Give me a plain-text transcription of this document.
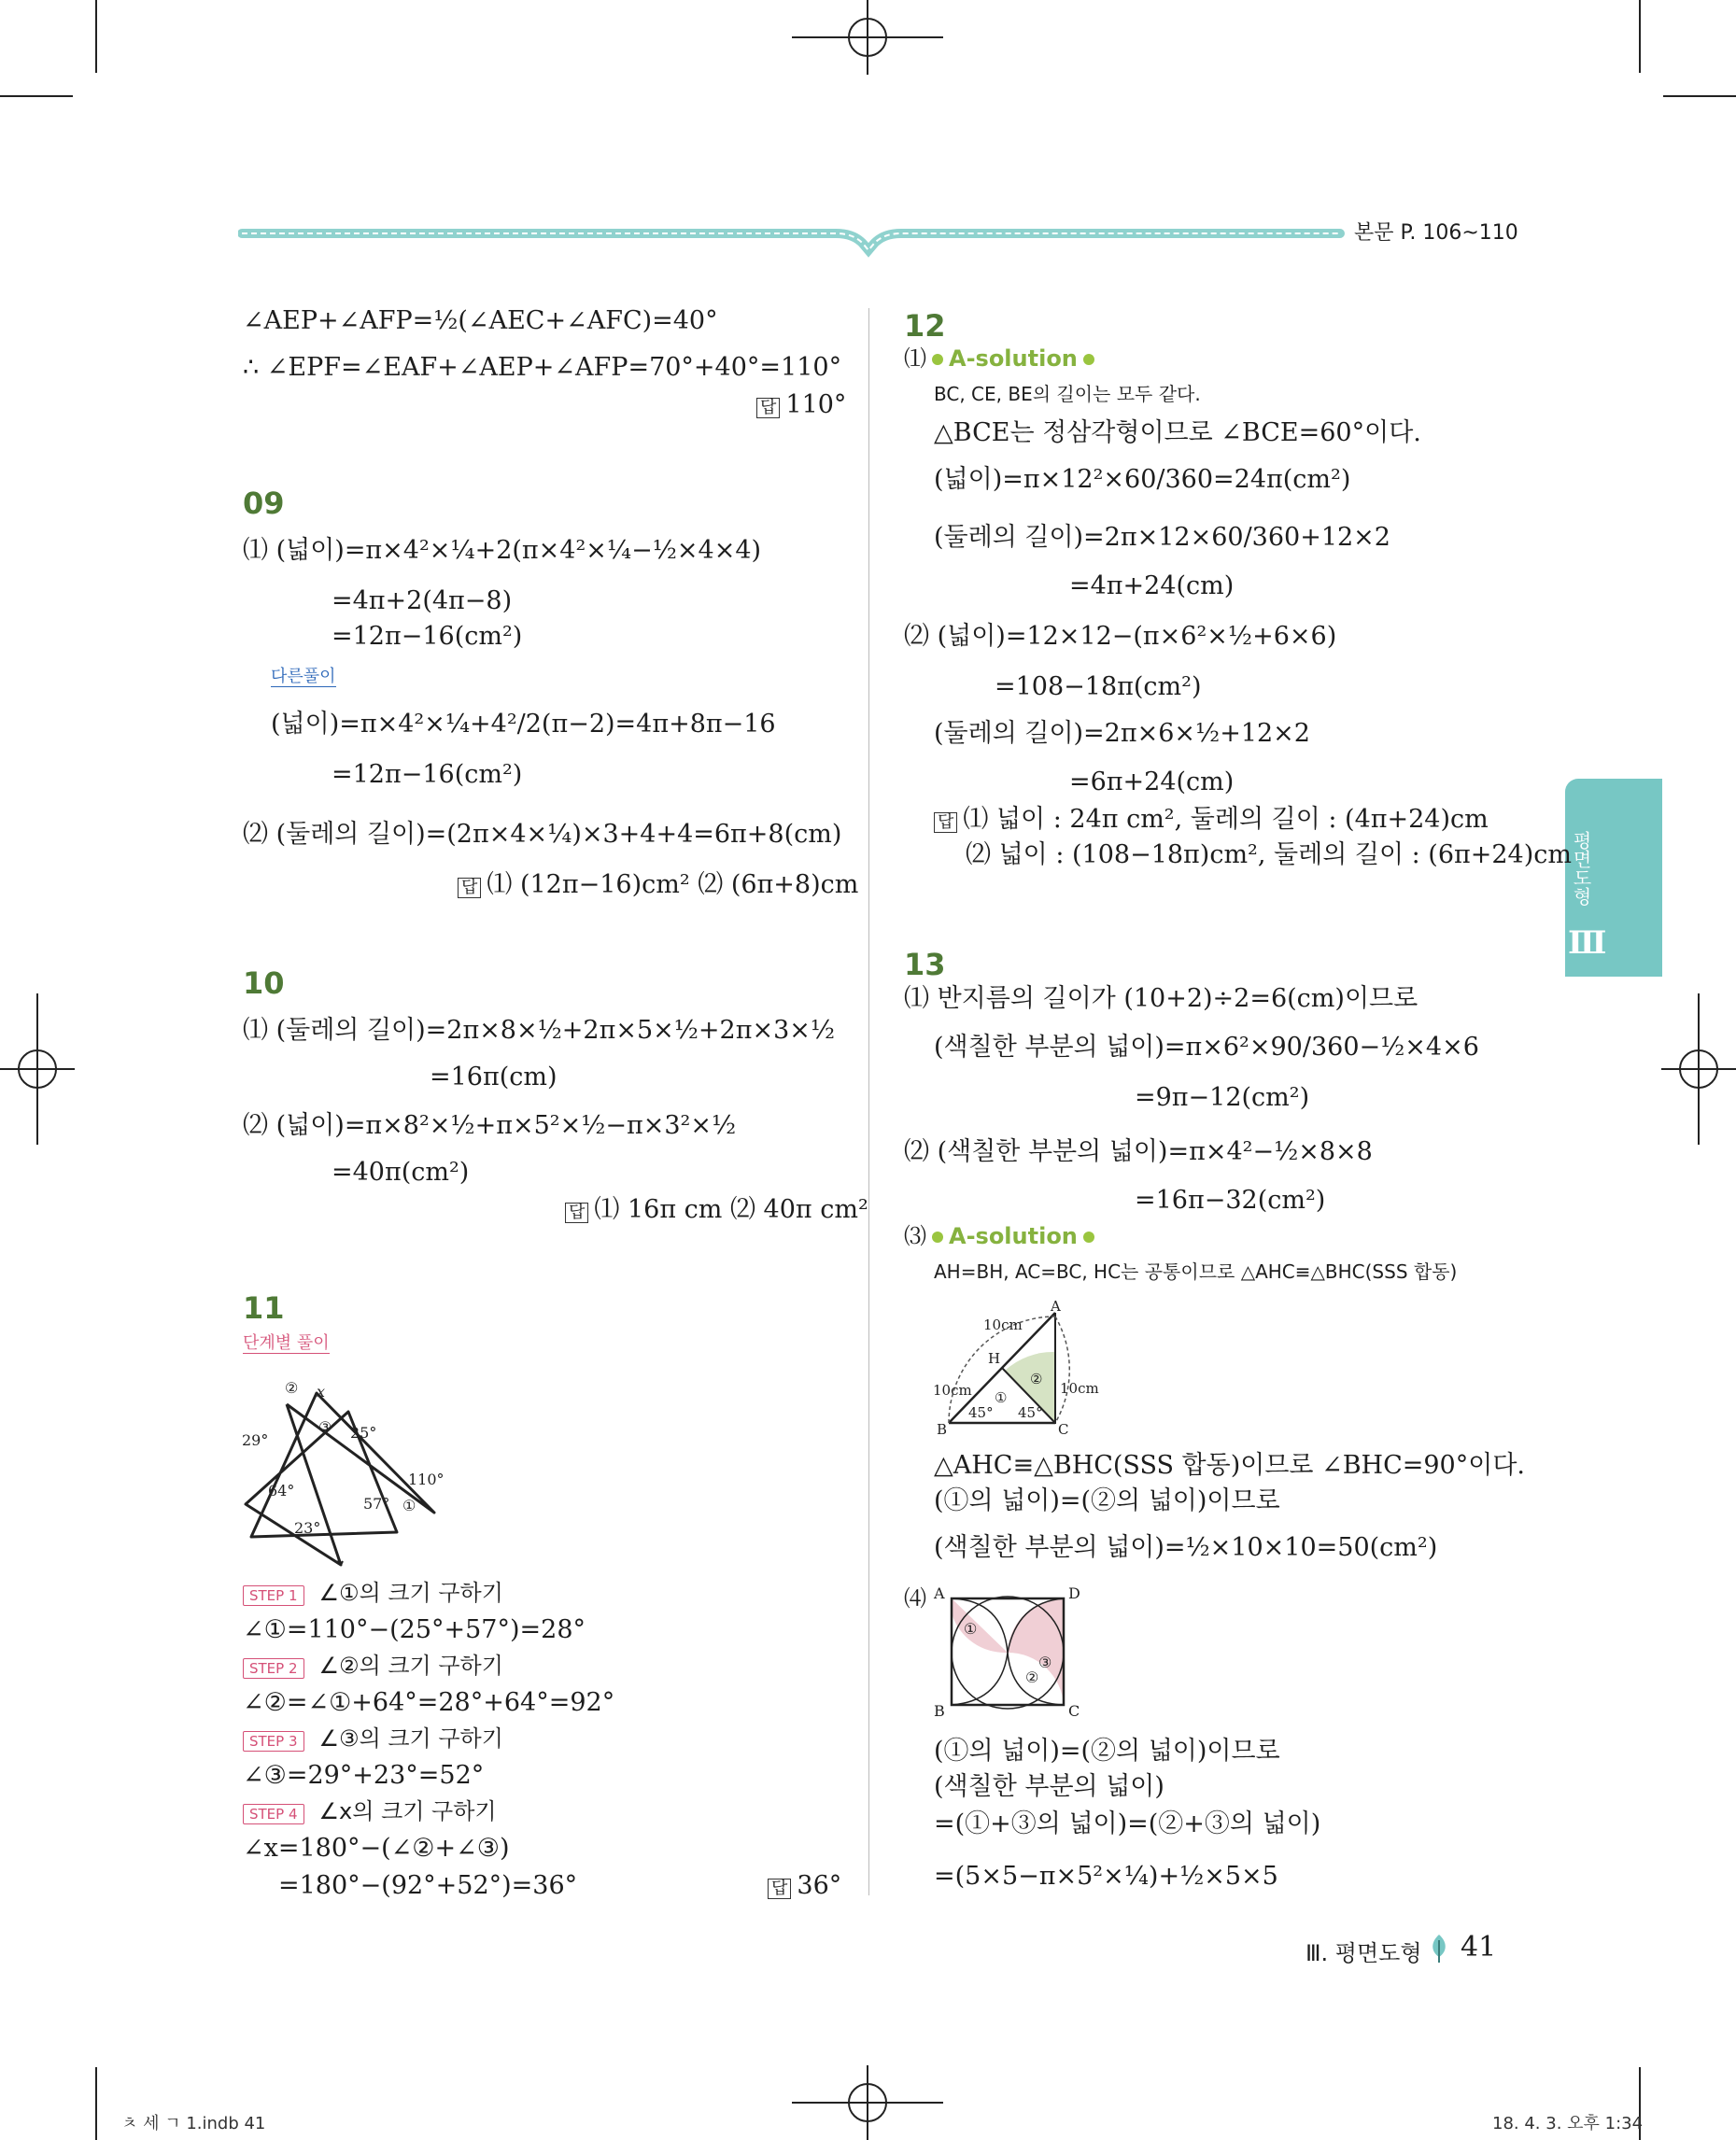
본문 P. 106~110
평면도형
Ⅲ
∠AEP+∠AFP=½(∠AEC+∠AFC)=40°
∴ ∠EPF=∠EAF+∠AEP+∠AFP=70°+40°=110°
답 110°
09
⑴ (넓이)=π×4²×¼+2(π×4²×¼−½×4×4)
=4π+2(4π−8)
=12π−16(cm²)
다른풀이
(넓이)=π×4²×¼+4²/2(π−2)=4π+8π−16
=12π−16(cm²)
⑵ (둘레의 길이)=(2π×4×¼)×3+4+4=6π+8(cm)
답 ⑴ (12π−16)cm² ⑵ (6π+8)cm
10
⑴ (둘레의 길이)=2π×8×½+2π×5×½+2π×3×½
=16π(cm)
⑵ (넓이)=π×8²×½+π×5²×½−π×3²×½
=40π(cm²)
답 ⑴ 16π cm ⑵ 40π cm²
11
단계별 풀이
② x
③ 25°
29°
110°
64°
57° ①
23°
STEP 1 ∠①의 크기 구하기
∠①=110°−(25°+57°)=28°
STEP 2 ∠②의 크기 구하기
∠②=∠①+64°=28°+64°=92°
STEP 3 ∠③의 크기 구하기
∠③=29°+23°=52°
STEP 4 ∠x의 크기 구하기
∠x=180°−(∠②+∠③)
=180°−(92°+52°)=36°	답 36°
12
⑴ A-solution
BC, CE, BE의 길이는 모두 같다.
△BCE는 정삼각형이므로 ∠BCE=60°이다.
(넓이)=π×12²×60/360=24π(cm²)
(둘레의 길이)=2π×12×60/360+12×2
=4π+24(cm)
⑵ (넓이)=12×12−(π×6²×½+6×6)
=108−18π(cm²)
(둘레의 길이)=2π×6×½+12×2
=6π+24(cm)
답 ⑴ 넓이 : 24π cm², 둘레의 길이 : (4π+24)cm
⑵ 넓이 : (108−18π)cm², 둘레의 길이 : (6π+24)cm
13
⑴ 반지름의 길이가 (10+2)÷2=6(cm)이므로
(색칠한 부분의 넓이)=π×6²×90/360−½×4×6
=9π−12(cm²)
⑵ (색칠한 부분의 넓이)=π×4²−½×8×8
=16π−32(cm²)
⑶ A-solution
AH=BH, AC=BC, HC는 공통이므로 △AHC≡△BHC(SSS 합동)
A
10cm
H
②
10cm
10cm ①
45° 45°
B	C
△AHC≡△BHC(SSS 합동)이므로 ∠BHC=90°이다.
(①의 넓이)=(②의 넓이)이므로
(색칠한 부분의 넓이)=½×10×10=50(cm²)
⑷ A	D
①
③
②
B	C
(①의 넓이)=(②의 넓이)이므로
(색칠한 부분의 넓이)
=(①+③의 넓이)=(②+③의 넓이)
=(5×5−π×5²×¼)+½×5×5
Ⅲ. 평면도형 41
ㅊ 세 ㄱ 1.indb 41	18. 4. 3. 오후 1:34
